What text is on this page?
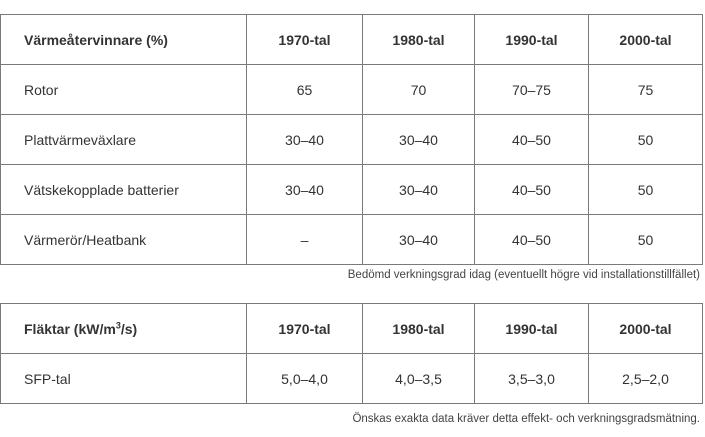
Värmeåtervinnare (%)	1970-tal	1980-tal	1990-tal	2000-tal
Rotor	65	70	70–75	75
Plattvärmeväxlare	30–40	30–40	40–50	50
Vätskekopplade batterier	30–40	30–40	40–50	50
Värmerör/Heatbank	–	30–40	40–50	50
Bedömd verkningsgrad idag (eventuellt högre vid installationstillfället)
Fläktar $(kW/m^3/s)$	1970-tal	1980-tal	1990-tal	2000-tal
SFP-tal	5,0–4,0	4,0–3,5	3,5–3,0	2,5–2,0
Önskas exakta data kräver detta effekt- och verkningsgradsmätning.
